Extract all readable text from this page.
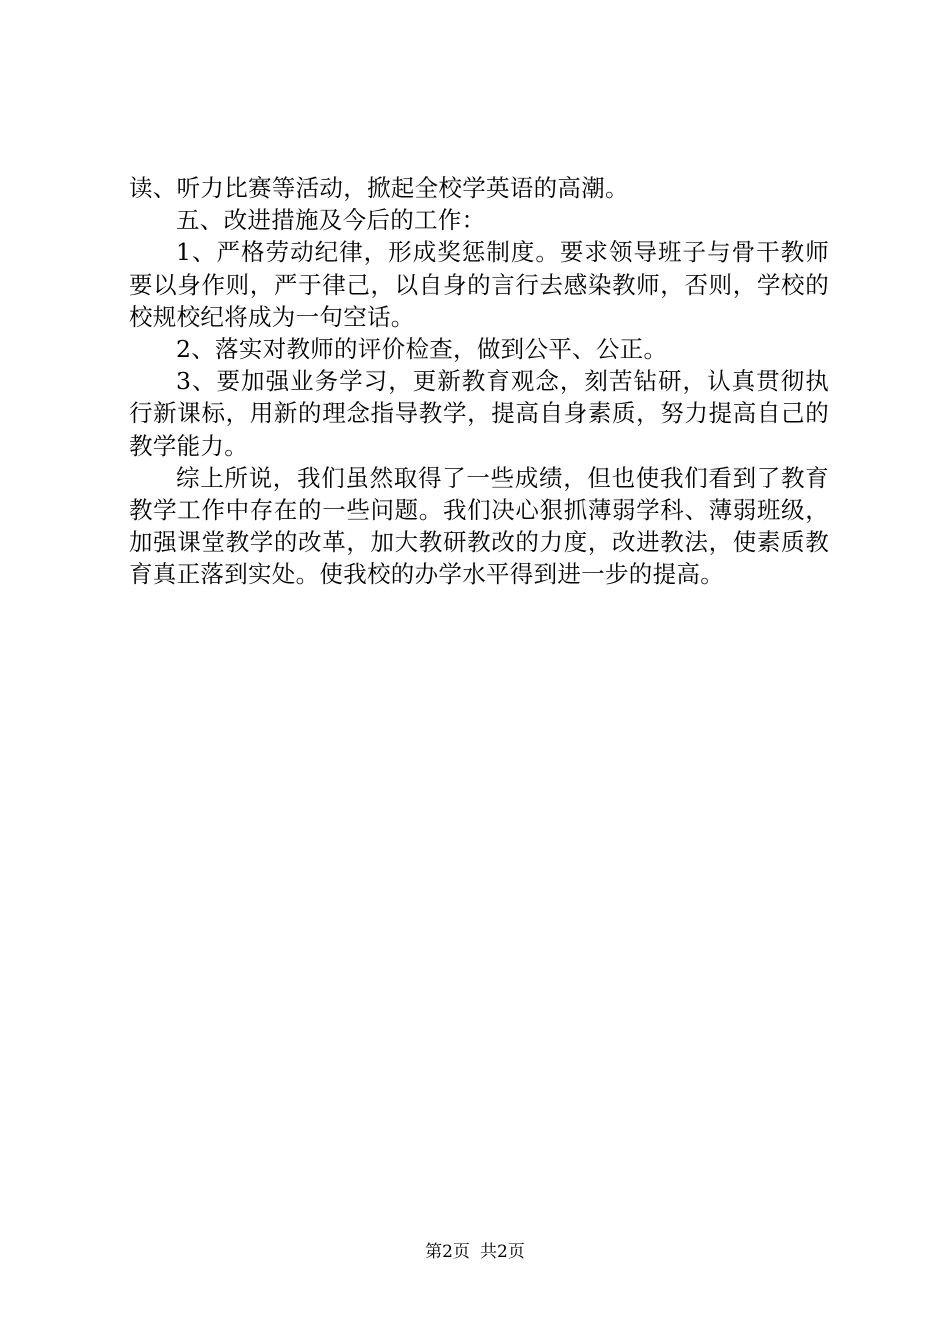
读、听力比赛等活动，掀起全校学英语的高潮。

五、改进措施及今后的工作：

1、严格劳动纪律，形成奖惩制度。要求领导班子与骨干教师要以身作则，严于律己，以自身的言行去感染教师，否则，学校的校规校纪将成为一句空话。

2、落实对教师的评价检查，做到公平、公正。

3、要加强业务学习，更新教育观念，刻苦钻研，认真贯彻执行新课标，用新的理念指导教学，提高自身素质，努力提高自己的教学能力。

综上所说，我们虽然取得了一些成绩，但也使我们看到了教育教学工作中存在的一些问题。我们决心狠抓薄弱学科、薄弱班级，加强课堂教学的改革，加大教研教改的力度，改进教法，使素质教育真正落到实处。使我校的办学水平得到进一步的提高。

第2页 共2页
